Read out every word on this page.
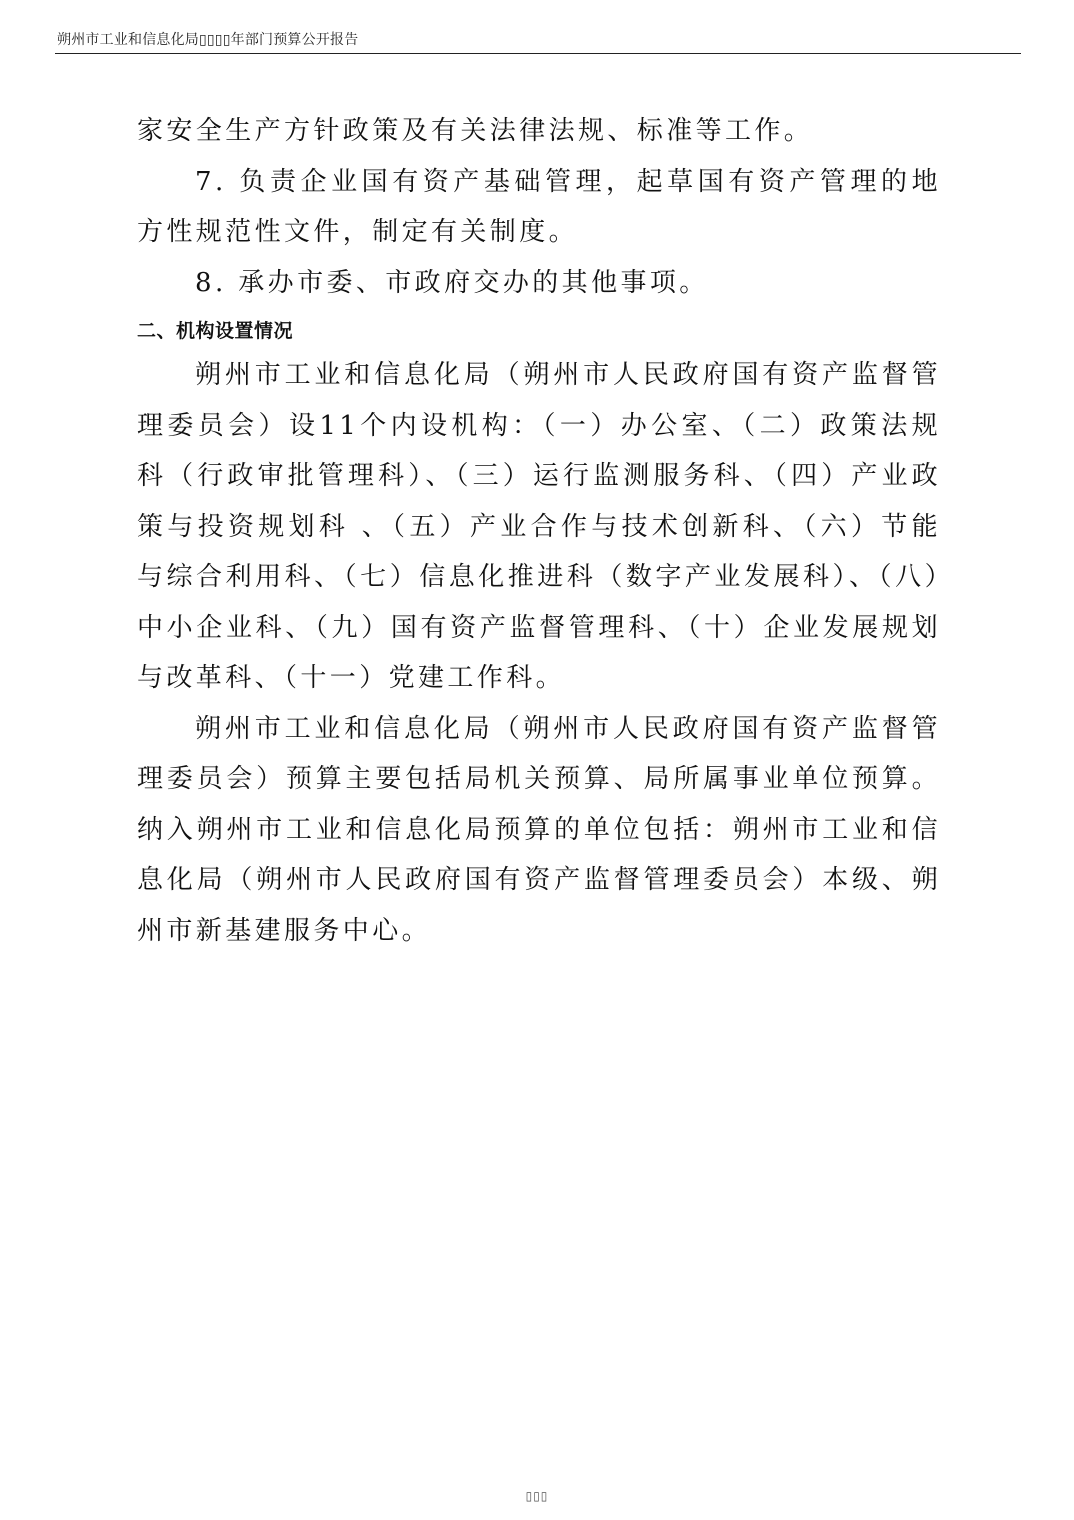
朔州市工业和信息化局▯▯▯▯年部门预算公开报告

家安全生产方针政策及有关法律法规、标准等工作。

7. 负责企业国有资产基础管理，起草国有资产管理的地方性规范性文件，制定有关制度。

8. 承办市委、市政府交办的其他事项。

二、机构设置情况

朔州市工业和信息化局（朔州市人民政府国有资产监督管理委员会）设11个内设机构：（一）办公室、（二）政策法规科（行政审批管理科）、（三）运行监测服务科、（四）产业政策与投资规划科 、（五）产业合作与技术创新科、（六）节能与综合利用科、（七）信息化推进科（数字产业发展科）、（八）中小企业科、（九）国有资产监督管理科、（十）企业发展规划与改革科、（十一）党建工作科。

朔州市工业和信息化局（朔州市人民政府国有资产监督管理委员会）预算主要包括局机关预算、局所属事业单位预算。纳入朔州市工业和信息化局预算的单位包括：朔州市工业和信息化局（朔州市人民政府国有资产监督管理委员会）本级、朔州市新基建服务中心。

▯▯▯
